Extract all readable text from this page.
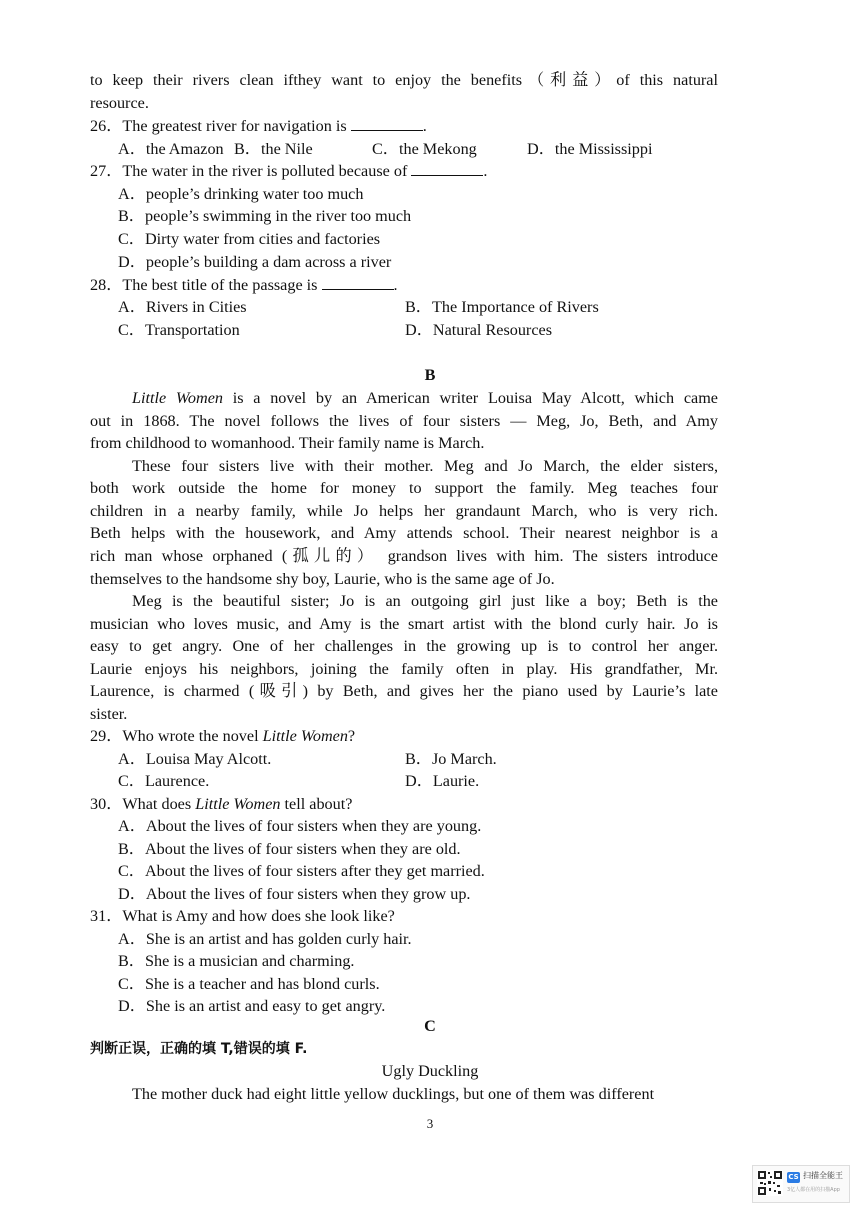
to keep their rivers clean ifthey want to enjoy the benefits（利益）of this natural
resource.
26．The greatest river for navigation is	.
A．the Amazon B．the Nile	C．the Mekong	D．the Mississippi
27．The water in the river is polluted because of	.
A．people’s drinking water too much
B．people’s swimming in the river too much
C．Dirty water from cities and factories
D．people’s building a dam across a river
28．The best title of the passage is	.
A．Rivers in Cities	B．The Importance of Rivers
C．Transportation	D．Natural Resources
B
Little Women is a novel by an American writer Louisa May Alcott, which came
out in 1868. The novel follows the lives of four sisters — Meg, Jo, Beth, and Amy
from childhood to womanhood. Their family name is March.
These four sisters live with their mother. Meg and Jo March, the elder sisters,
both work outside the home for money to support the family. Meg teaches four
children in a nearby family, while Jo helps her grandaunt March, who is very rich.
Beth helps with the housework, and Amy attends school. Their nearest neighbor is a
rich man whose orphaned (孤儿的） grandson lives with him. The sisters introduce
themselves to the handsome shy boy, Laurie, who is the same age of Jo.
Meg is the beautiful sister; Jo is an outgoing girl just like a boy; Beth is the
musician who loves music, and Amy is the smart artist with the blond curly hair. Jo is
easy to get angry. One of her challenges in the growing up is to control her anger.
Laurie enjoys his neighbors, joining the family often in play. His grandfather, Mr.
Laurence, is charmed (吸引) by Beth, and gives her the piano used by Laurie’s late
sister.
29．Who wrote the novel Little Women?
A．Louisa May Alcott.	B．Jo March.
C．Laurence.	D．Laurie.
30．What does Little Women tell about?
A．About the lives of four sisters when they are young.
B．About the lives of four sisters when they are old.
C．About the lives of four sisters after they get married.
D．About the lives of four sisters when they grow up.
31．What is Amy and how does she look like?
A．She is an artist and has golden curly hair.
B．She is a musician and charming.
C．She is a teacher and has blond curls.
D．She is an artist and easy to get angry.
C
判断正误，正确的填 T,错误的填 F.
Ugly Duckling
The mother duck had eight little yellow ducklings, but one of them was different
3
CS 扫描全能王
3亿人都在用的扫描App
